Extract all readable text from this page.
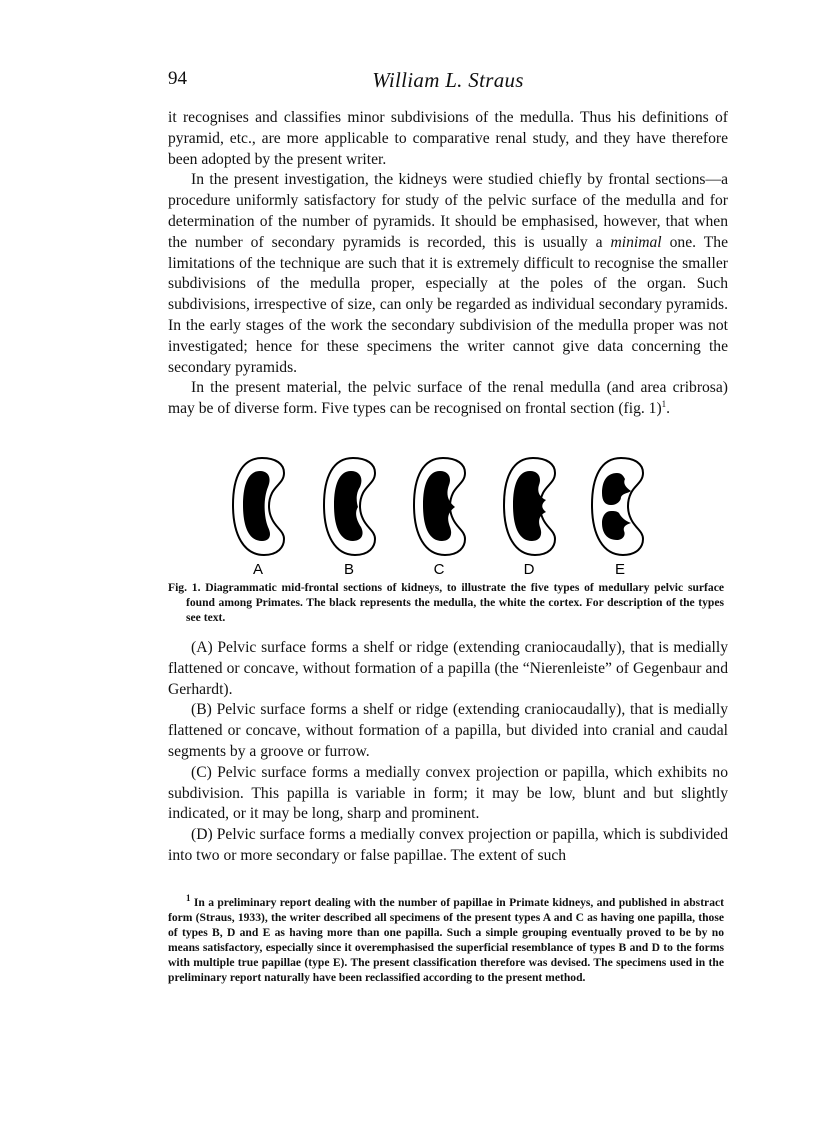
94	William L. Straus

it recognises and classifies minor subdivisions of the medulla. Thus his definitions of pyramid, etc., are more applicable to comparative renal study, and they have therefore been adopted by the present writer.

In the present investigation, the kidneys were studied chiefly by frontal sections—a procedure uniformly satisfactory for study of the pelvic surface of the medulla and for determination of the number of pyramids. It should be emphasised, however, that when the number of secondary pyramids is recorded, this is usually a minimal one. The limitations of the technique are such that it is extremely difficult to recognise the smaller subdivisions of the medulla proper, especially at the poles of the organ. Such subdivisions, irrespective of size, can only be regarded as individual secondary pyramids. In the early stages of the work the secondary subdivision of the medulla proper was not investigated; hence for these specimens the writer cannot give data concerning the secondary pyramids.

In the present material, the pelvic surface of the renal medulla (and area cribrosa) may be of diverse form. Five types can be recognised on frontal section (fig. 1)$^1$.

A	B	C	D	E

Fig. 1. Diagrammatic mid-frontal sections of kidneys, to illustrate the five types of medullary pelvic surface found among Primates. The black represents the medulla, the white the cortex. For description of the types see text.

(A) Pelvic surface forms a shelf or ridge (extending craniocaudally), that is medially flattened or concave, without formation of a papilla (the “Nierenleiste” of Gegenbaur and Gerhardt).

(B) Pelvic surface forms a shelf or ridge (extending craniocaudally), that is medially flattened or concave, without formation of a papilla, but divided into cranial and caudal segments by a groove or furrow.

(C) Pelvic surface forms a medially convex projection or papilla, which exhibits no subdivision. This papilla is variable in form; it may be low, blunt and but slightly indicated, or it may be long, sharp and prominent.

(D) Pelvic surface forms a medially convex projection or papilla, which is subdivided into two or more secondary or false papillae. The extent of such

$^1$ In a preliminary report dealing with the number of papillae in Primate kidneys, and published in abstract form (Straus, 1933), the writer described all specimens of the present types A and C as having one papilla, those of types B, D and E as having more than one papilla. Such a simple grouping eventually proved to be by no means satisfactory, especially since it overemphasised the superficial resemblance of types B and D to the forms with multiple true papillae (type E). The present classification therefore was devised. The specimens used in the preliminary report naturally have been reclassified according to the present method.
